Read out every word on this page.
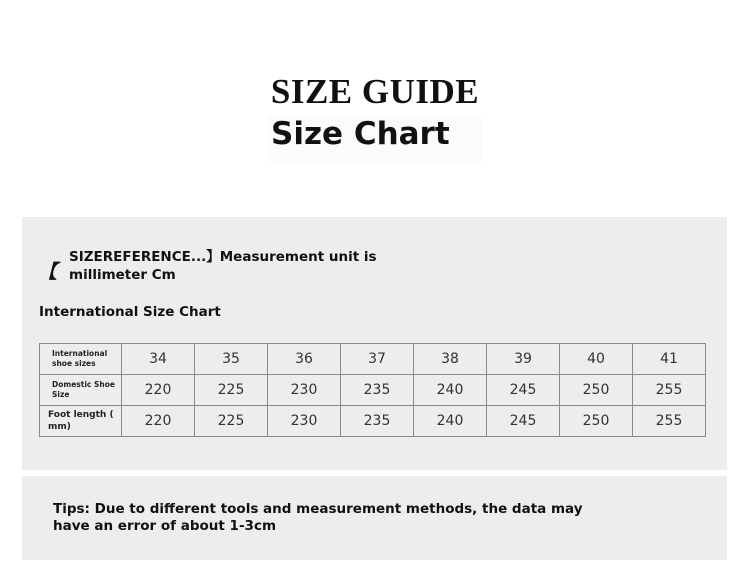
SIZE GUIDE
Size Chart
【
SIZEREFERENCE...】Measurement unit is millimeter Cm
International Size Chart
International shoe sizes	34	35	36	37	38	39	40	41
Domestic Shoe Size	220	225	230	235	240	245	250	255
Foot length ( mm)	220	225	230	235	240	245	250	255
Tips: Due to different tools and measurement methods, the data may have an error of about 1-3cm
